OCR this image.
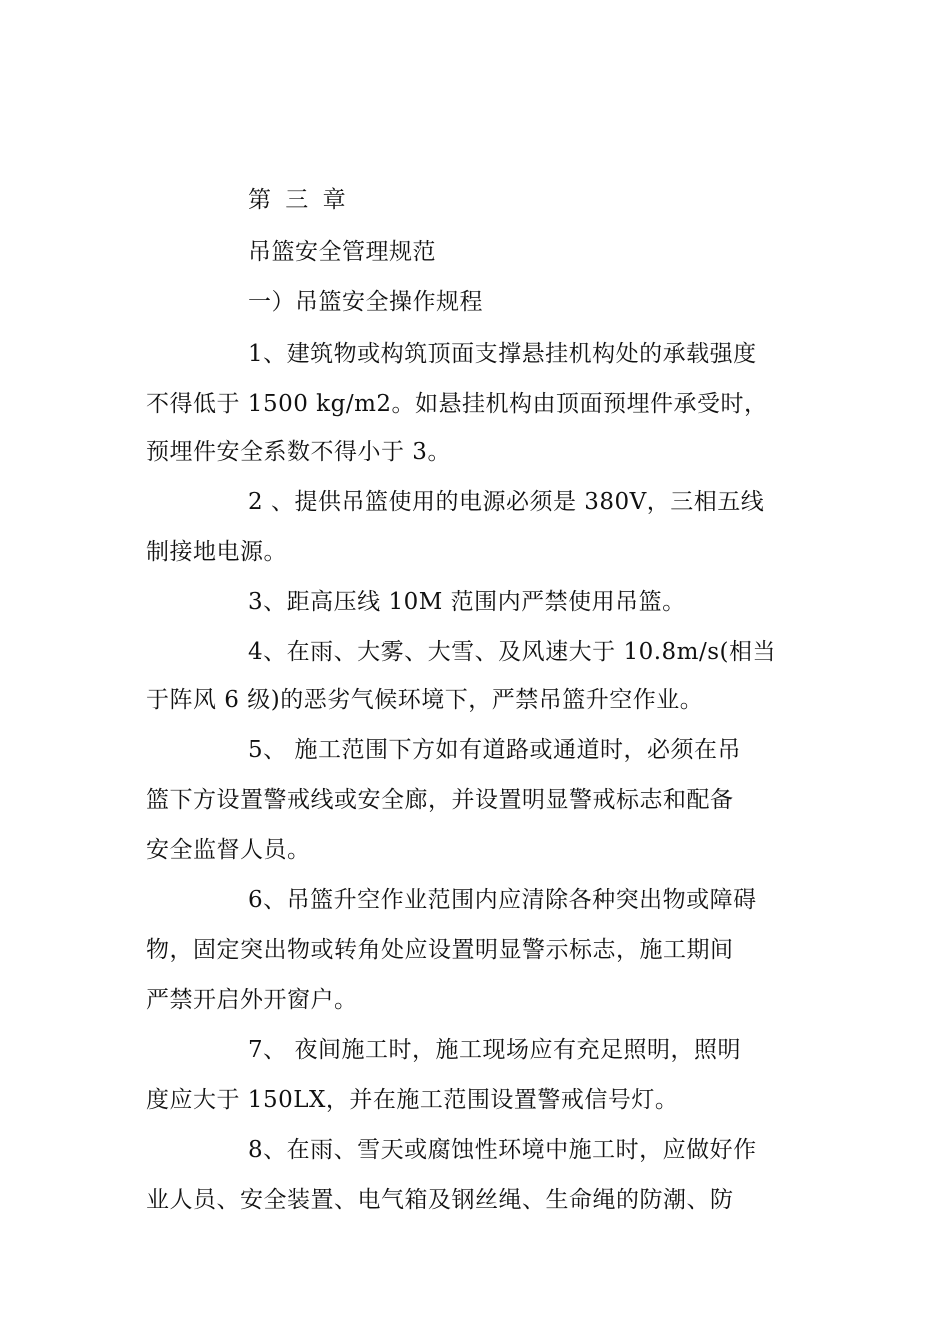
第 三 章
吊篮安全管理规范
一）吊篮安全操作规程
1、建筑物或构筑顶面支撑悬挂机构处的承载强度
不得低于 1500 kg/m2。如悬挂机构由顶面预埋件承受时，
预埋件安全系数不得小于 3。
2 、提供吊篮使用的电源必须是 380V，三相五线
制接地电源。
3、距高压线 10M 范围内严禁使用吊篮。
4、在雨、大雾、大雪、及风速大于 10.8m/s(相当
于阵风 6 级)的恶劣气候环境下，严禁吊篮升空作业。
5、 施工范围下方如有道路或通道时，必须在吊
篮下方设置警戒线或安全廊，并设置明显警戒标志和配备
安全监督人员。
6、吊篮升空作业范围内应清除各种突出物或障碍
物，固定突出物或转角处应设置明显警示标志，施工期间
严禁开启外开窗户。
7、 夜间施工时，施工现场应有充足照明，照明
度应大于 150LX，并在施工范围设置警戒信号灯。
8、在雨、雪天或腐蚀性环境中施工时，应做好作
业人员、安全装置、电气箱及钢丝绳、生命绳的防潮、防
